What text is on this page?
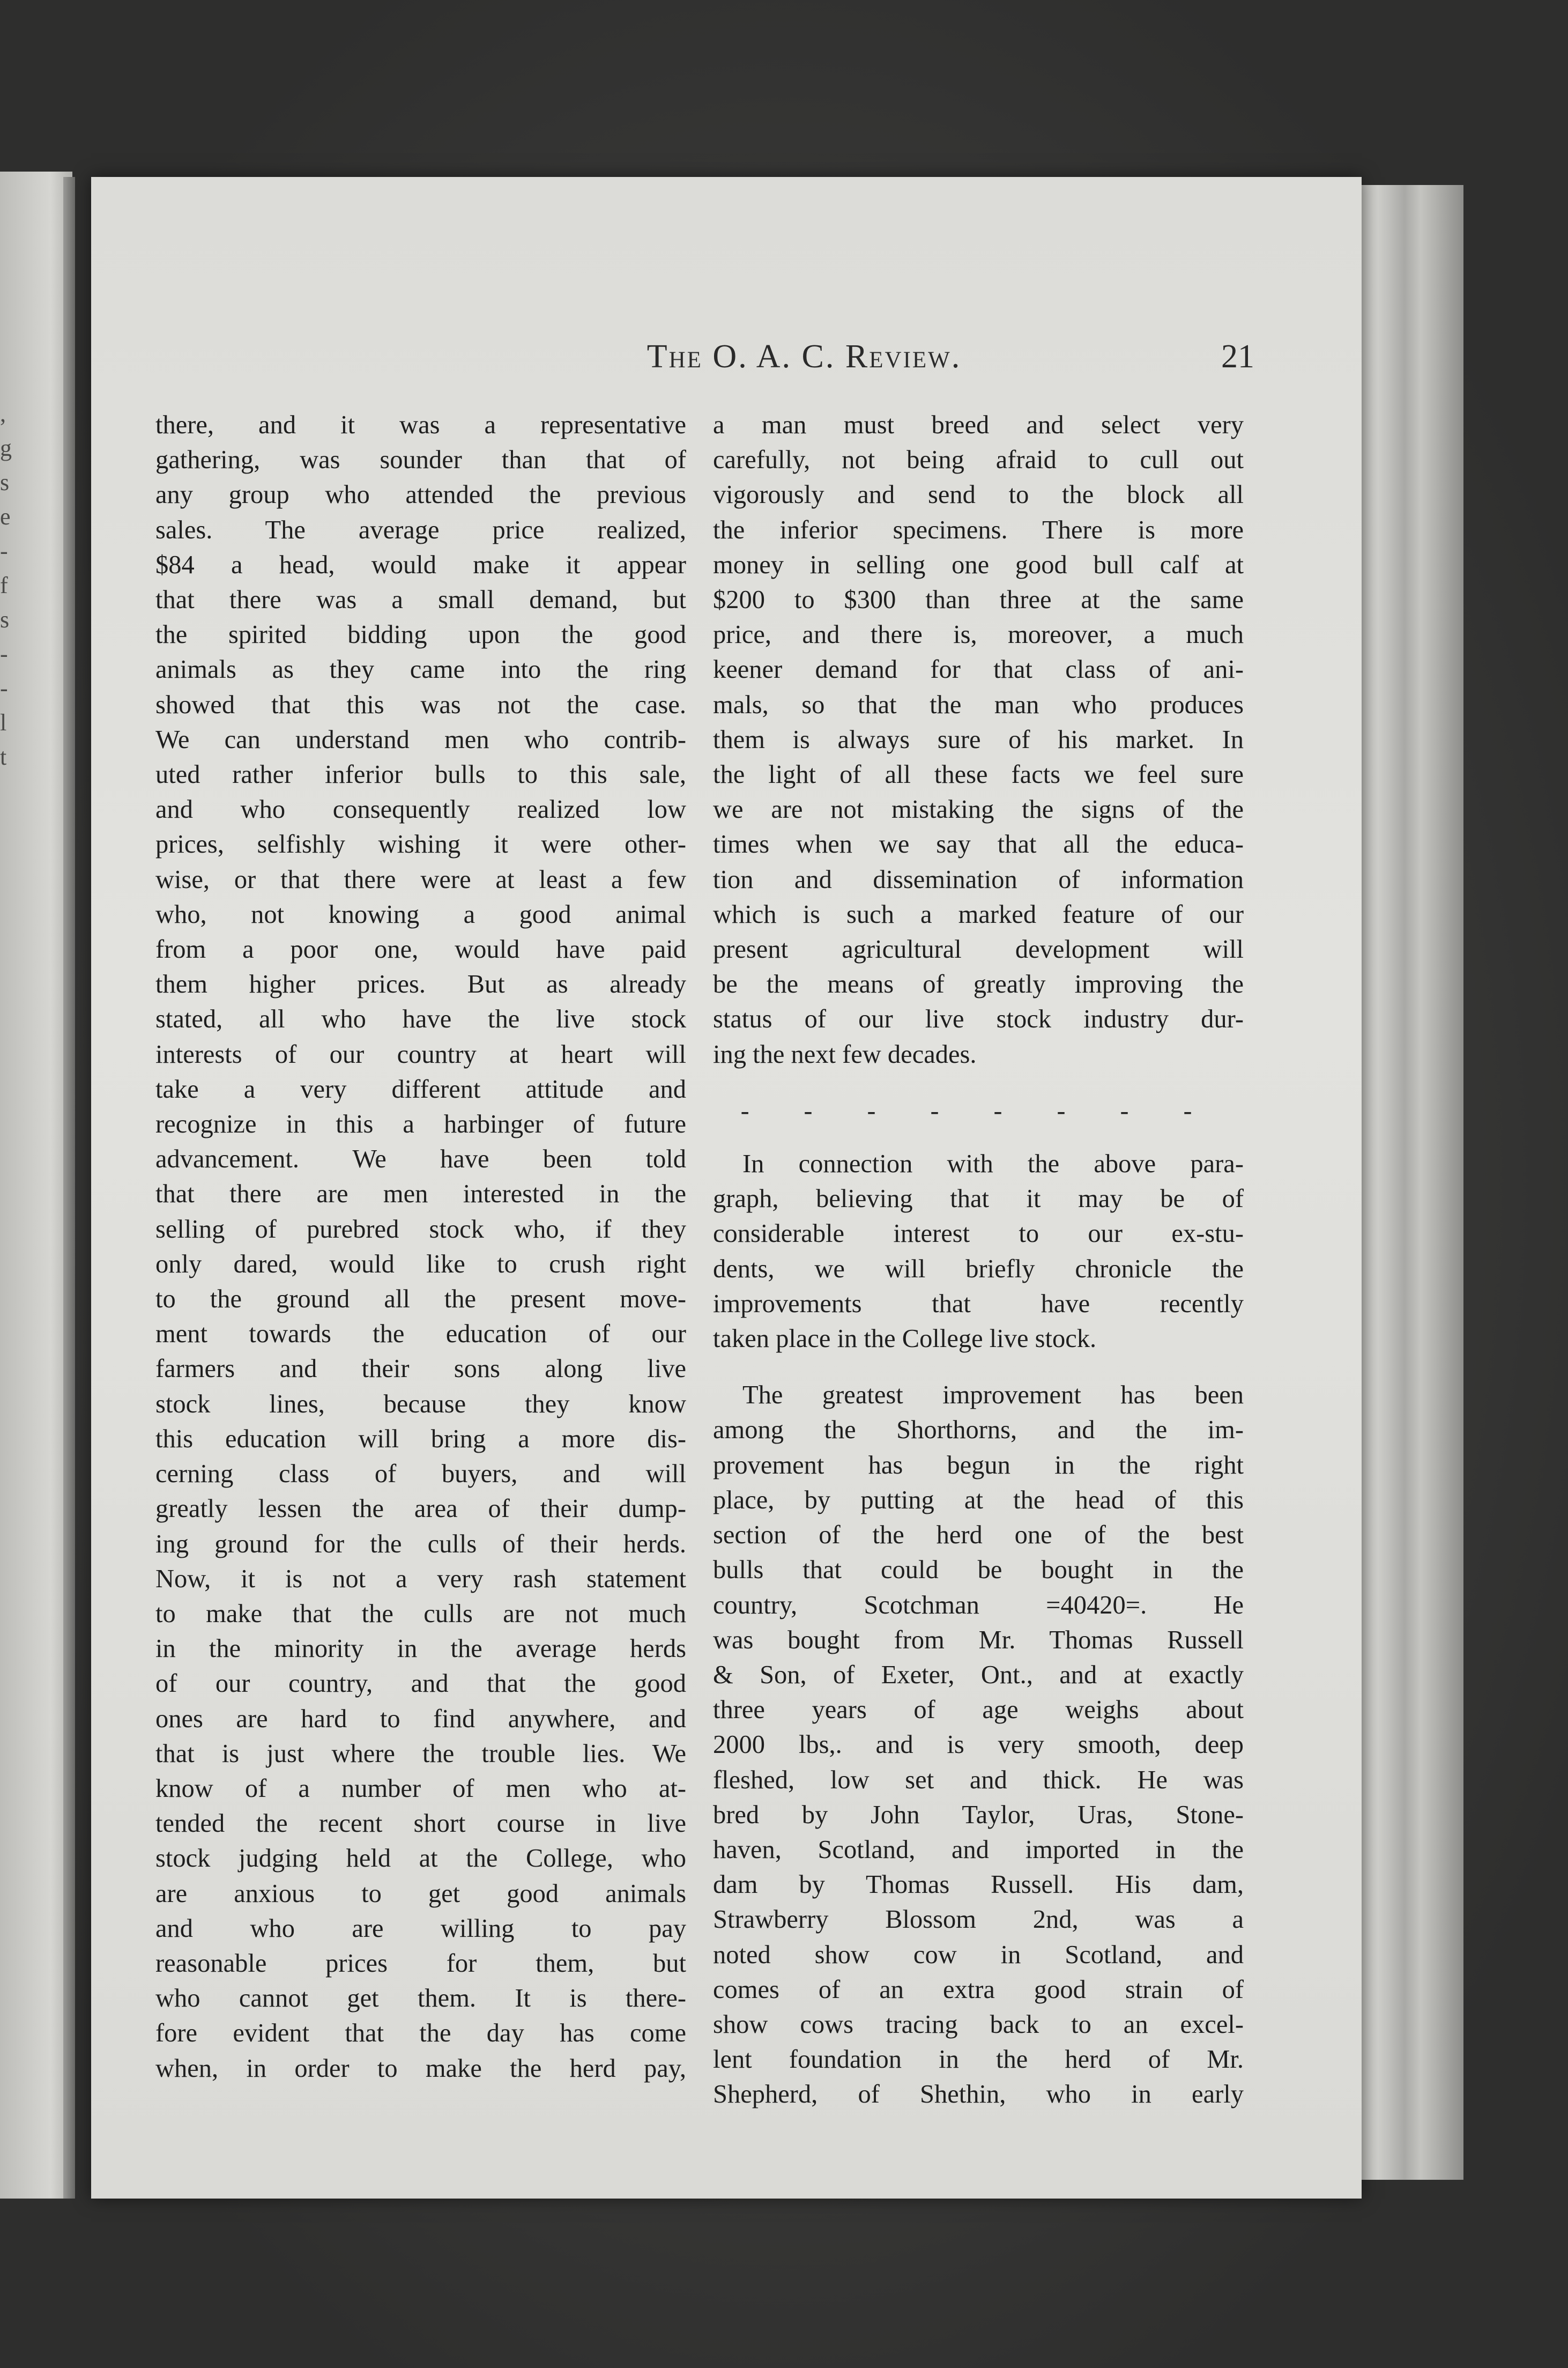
,
g
s
e
-
f
s
-
-
l
t
The O. A. C. Review.	21
there, and it was a representative
gathering, was sounder than that of
any group who attended the previous
sales. The average price realized,
$84 a head, would make it appear
that there was a small demand, but
the spirited bidding upon the good
animals as they came into the ring
showed that this was not the case.
We can understand men who contrib-
uted rather inferior bulls to this sale,
and who consequently realized low
prices, selfishly wishing it were other-
wise, or that there were at least a few
who, not knowing a good animal
from a poor one, would have paid
them higher prices. But as already
stated, all who have the live stock
interests of our country at heart will
take a very different attitude and
recognize in this a harbinger of future
advancement. We have been told
that there are men interested in the
selling of purebred stock who, if they
only dared, would like to crush right
to the ground all the present move-
ment towards the education of our
farmers and their sons along live
stock lines, because they know
this education will bring a more dis-
cerning class of buyers, and will
greatly lessen the area of their dump-
ing ground for the culls of their herds.
Now, it is not a very rash statement
to make that the culls are not much
in the minority in the average herds
of our country, and that the good
ones are hard to find anywhere, and
that is just where the trouble lies. We
know of a number of men who at-
tended the recent short course in live
stock judging held at the College, who
are anxious to get good animals
and who are willing to pay
reasonable prices for them, but
who cannot get them. It is there-
fore evident that the day has come
when, in order to make the herd pay,
a man must breed and select very
carefully, not being afraid to cull out
vigorously and send to the block all
the inferior specimens. There is more
money in selling one good bull calf at
$200 to $300 than three at the same
price, and there is, moreover, a much
keener demand for that class of ani-
mals, so that the man who produces
them is always sure of his market. In
the light of all these facts we feel sure
we are not mistaking the signs of the
times when we say that all the educa-
tion and dissemination of information
which is such a marked feature of our
present agricultural development will
be the means of greatly improving the
status of our live stock industry dur-
ing the next few decades.
- - - - - - - -
In connection with the above para-
graph, believing that it may be of
considerable interest to our ex-stu-
dents, we will briefly chronicle the
improvements that have recently
taken place in the College live stock.
The greatest improvement has been
among the Shorthorns, and the im-
provement has begun in the right
place, by putting at the head of this
section of the herd one of the best
bulls that could be bought in the
country, Scotchman =40420=. He
was bought from Mr. Thomas Russell
& Son, of Exeter, Ont., and at exactly
three years of age weighs about
2000 lbs,. and is very smooth, deep
fleshed, low set and thick. He was
bred by John Taylor, Uras, Stone-
haven, Scotland, and imported in the
dam by Thomas Russell. His dam,
Strawberry Blossom 2nd, was a
noted show cow in Scotland, and
comes of an extra good strain of
show cows tracing back to an excel-
lent foundation in the herd of Mr.
Shepherd, of Shethin, who in early
